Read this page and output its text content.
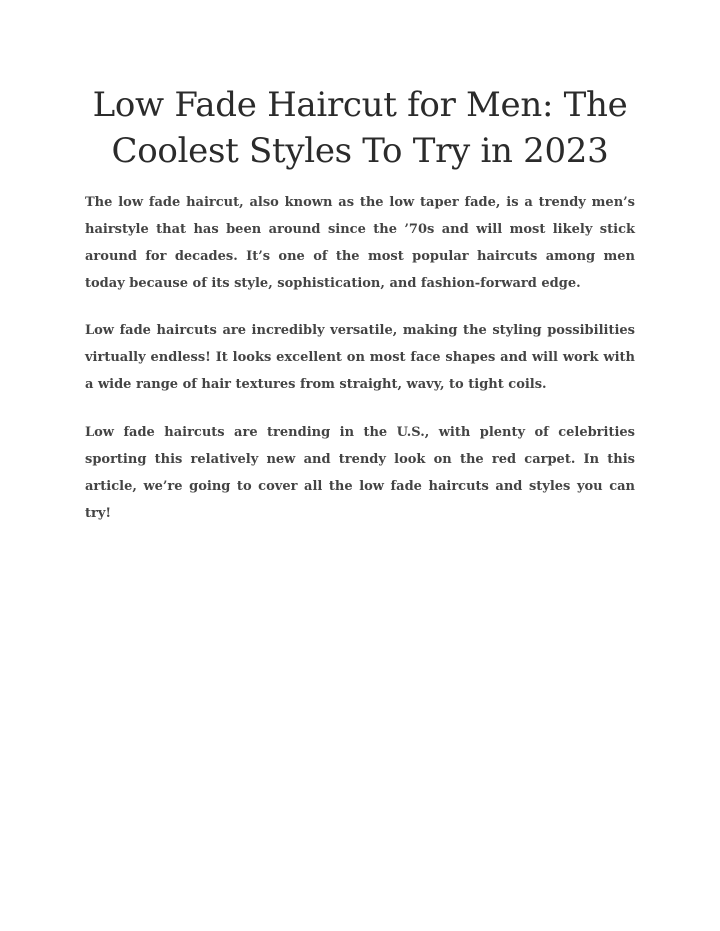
Low Fade Haircut for Men: The Coolest Styles To Try in 2023

The low fade haircut, also known as the low taper fade, is a trendy men’s hairstyle that has been around since the ’70s and will most likely stick around for decades. It’s one of the most popular haircuts among men today because of its style, sophistication, and fashion-forward edge.

Low fade haircuts are incredibly versatile, making the styling possibilities virtually endless! It looks excellent on most face shapes and will work with a wide range of hair textures from straight, wavy, to tight coils.

Low fade haircuts are trending in the U.S., with plenty of celebrities sporting this relatively new and trendy look on the red carpet. In this article, we’re going to cover all the low fade haircuts and styles you can try!
